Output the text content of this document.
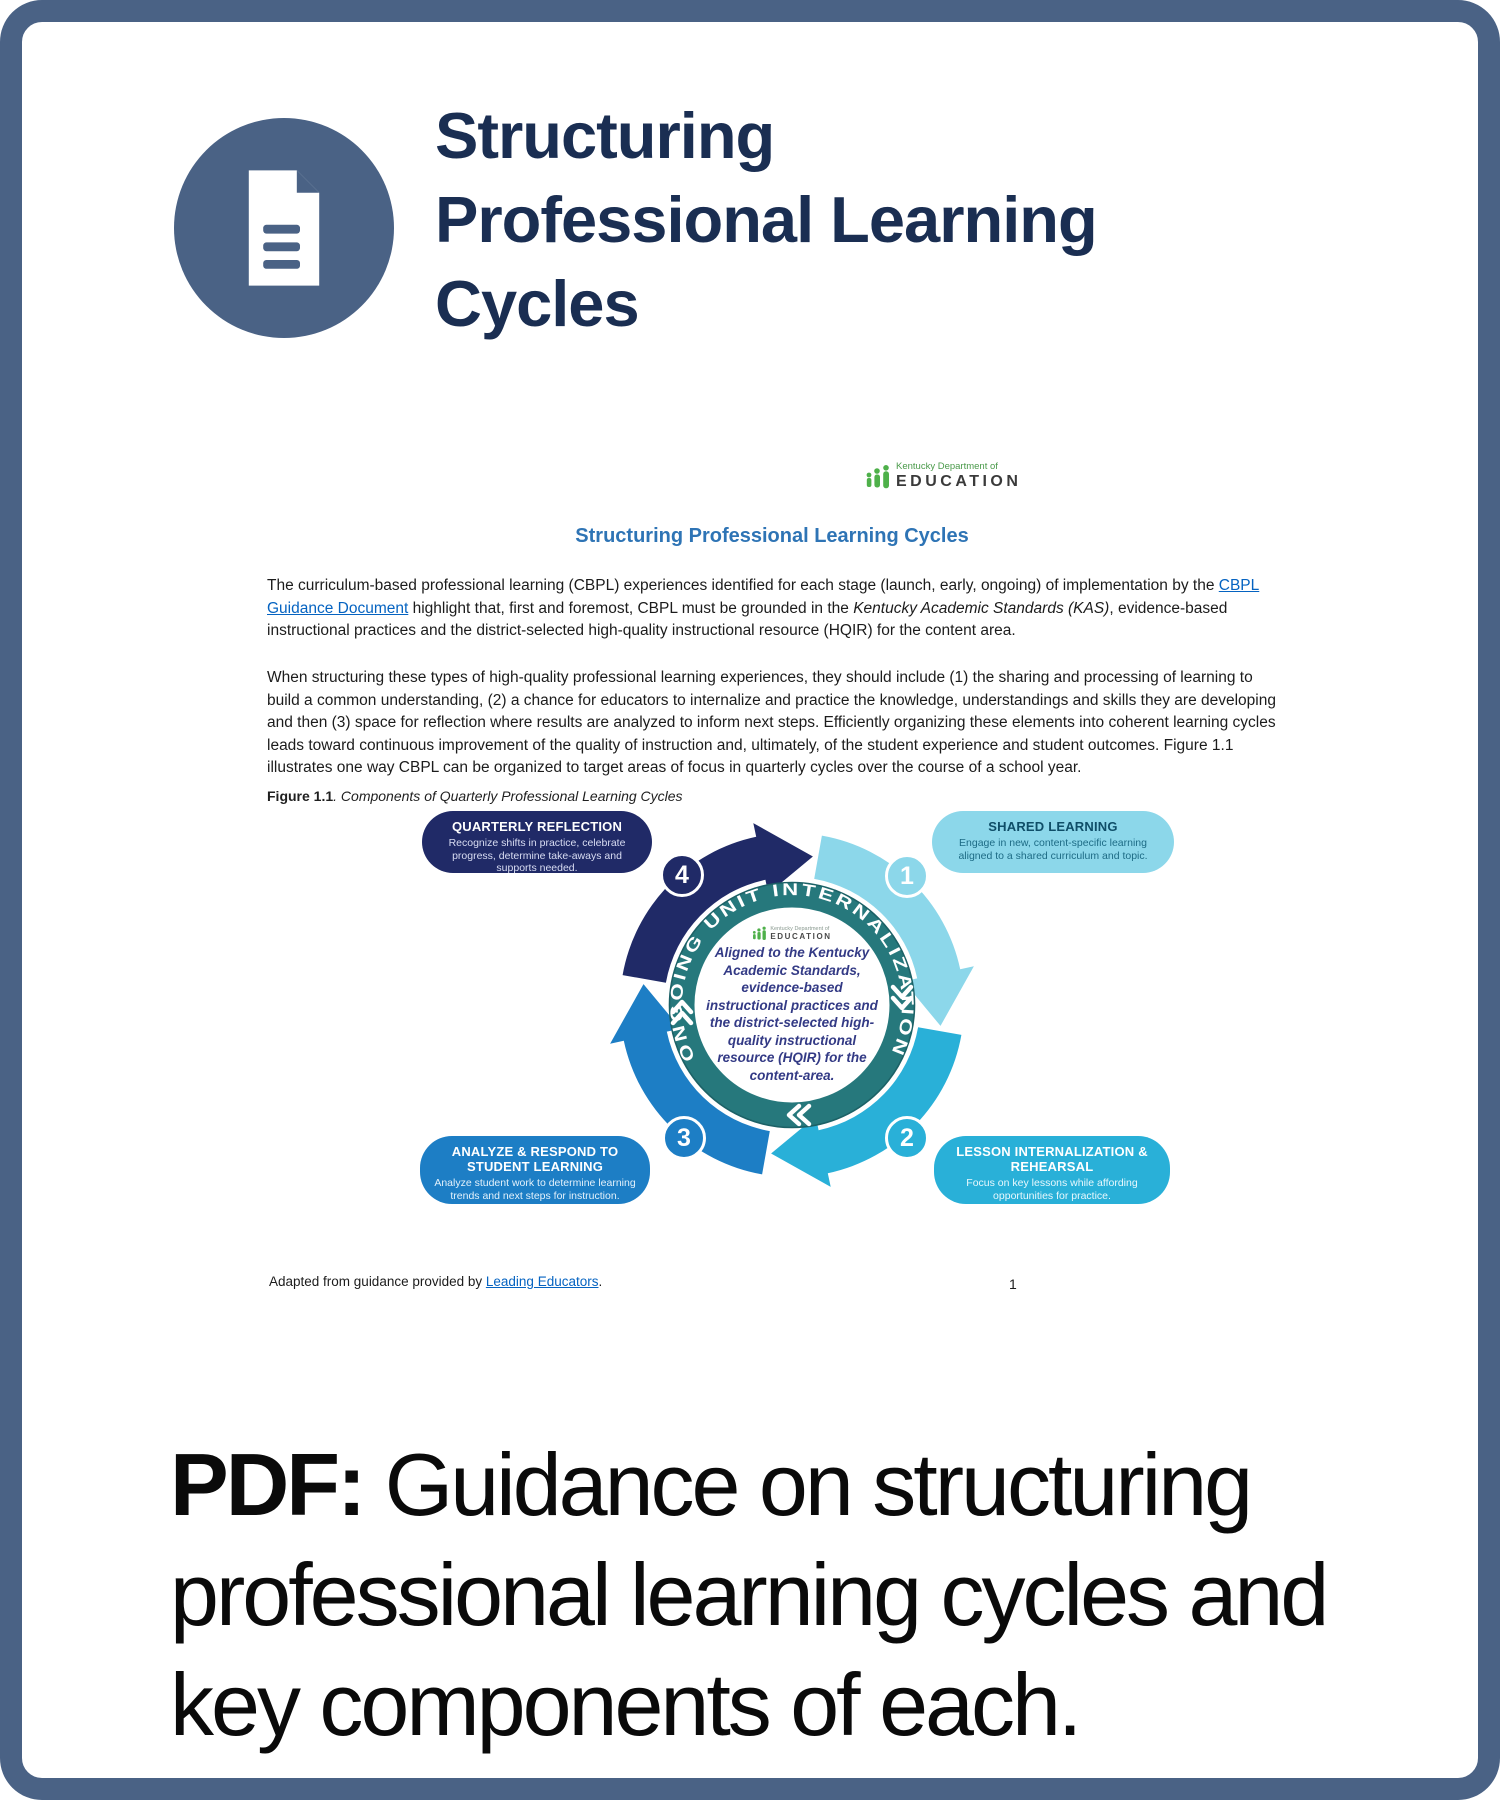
Structuring
Professional Learning
Cycles
Kentucky Department of
EDUCATION
Structuring Professional Learning Cycles

The curriculum-based professional learning (CBPL) experiences identified for each stage (launch, early, ongoing) of implementation by the CBPL Guidance Document highlight that, first and foremost, CBPL must be grounded in the Kentucky Academic Standards (KAS), evidence-based instructional practices and the district-selected high-quality instructional resource (HQIR) for the content area.

When structuring these types of high-quality professional learning experiences, they should include (1) the sharing and processing of learning to build a common understanding, (2) a chance for educators to internalize and practice the knowledge, understandings and skills they are developing and then (3) space for reflection where results are analyzed to inform next steps. Efficiently organizing these elements into coherent learning cycles leads toward continuous improvement of the quality of instruction and, ultimately, of the student experience and student outcomes. Figure 1.1 illustrates one way CBPL can be organized to target areas of focus in quarterly cycles over the course of a school year.

Figure 1.1. Components of Quarterly Professional Learning Cycles
ONGOING UNIT INTERNALIZATION
Kentucky Department of
EDUCATION
Aligned to the Kentucky Academic Standards, evidence-based instructional practices and the district-selected high-quality instructional resource (HQIR) for the content-area.
1
2
3
4
SHARED LEARNING
Engage in new, content-specific learning aligned to a shared curriculum and topic.
LESSON INTERNALIZATION & REHEARSAL
Focus on key lessons while affording opportunities for practice.
ANALYZE & RESPOND TO STUDENT LEARNING
Analyze student work to determine learning trends and next steps for instruction.
QUARTERLY REFLECTION
Recognize shifts in practice, celebrate progress, determine take-aways and supports needed.
Adapted from guidance provided by Leading Educators.	1
PDF: Guidance on structuring professional learning cycles and key components of each.
